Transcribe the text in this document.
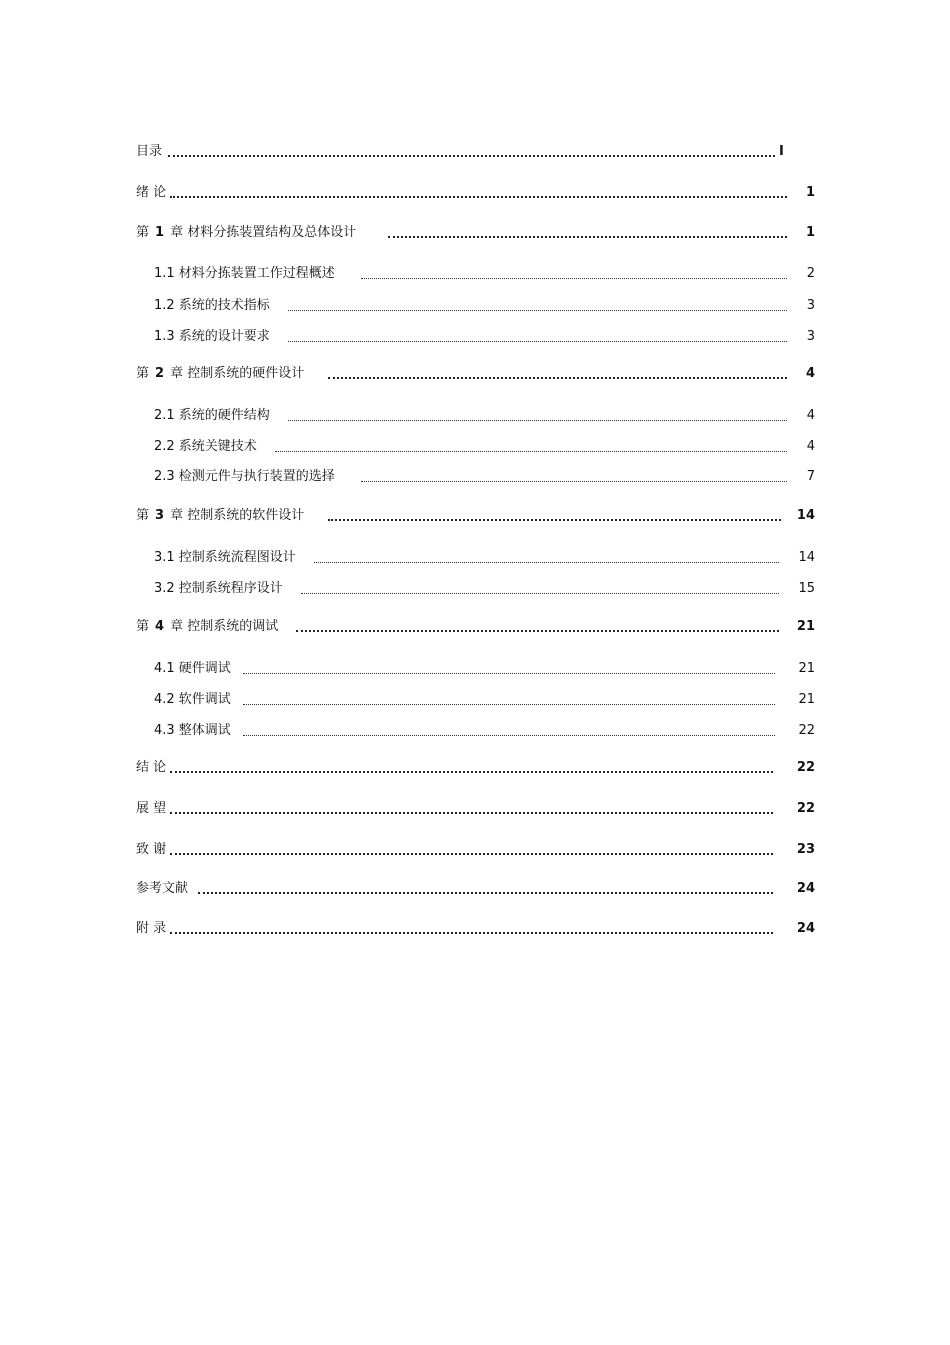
目录	I
绪 论	1
第 1 章 材料分拣装置结构及总体设计	1
1.1 材料分拣装置工作过程概述	2
1.2 系统的技术指标	3
1.3 系统的设计要求	3
第 2 章 控制系统的硬件设计	4
2.1 系统的硬件结构	4
2.2 系统关键技术	4
2.3 检测元件与执行装置的选择	7
第 3 章 控制系统的软件设计	14
3.1 控制系统流程图设计	14
3.2 控制系统程序设计	15
第 4 章 控制系统的调试	21
4.1 硬件调试	21
4.2 软件调试	21
4.3 整体调试	22
结 论	22
展 望	22
致 谢	23
参考文献	24
附 录	24
